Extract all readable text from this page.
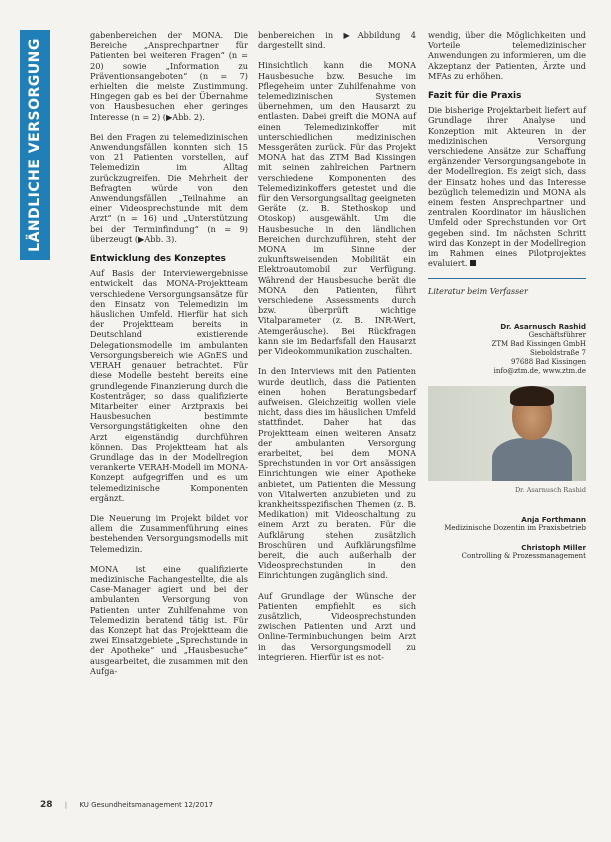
LÄNDLICHE VERSORGUNG

gabenbereichen der MONA. Die Bereiche „Ansprechpartner für Patienten bei weiteren Fragen“ (n = 20) sowie „Information zu Präventionsangeboten“ (n = 7) erhielten die meiste Zustimmung. Hingegen gab es bei der Übernahme von Hausbesuchen eher geringes Interesse (n = 2) (▶Abb. 2).

Bei den Fragen zu telemedizinischen Anwendungsfällen konnten sich 15 von 21 Patienten vorstellen, auf Telemedizin im Alltag zurückzugreifen. Die Mehrheit der Befragten würde von den Anwendungsfällen „Teilnahme an einer Videosprechstunde mit dem Arzt“ (n = 16) und „Unterstützung bei der Terminfindung“ (n = 9) überzeugt (▶Abb. 3).

Entwicklung des Konzeptes

Auf Basis der Interviewergebnisse entwickelt das MONA-Projektteam verschiedene Versorgungsansätze für den Einsatz von Telemedizin im häuslichen Umfeld. Hierfür hat sich der Projektteam bereits in Deutschland existierende Delegationsmodelle im ambulanten Versorgungsbereich wie AGnES und VERAH genauer betrachtet. Für diese Modelle besteht bereits eine grundlegende Finanzierung durch die Kostenträger, so dass qualifizierte Mitarbeiter einer Arztpraxis bei Hausbesuchen bestimmte Versorgungstätigkeiten ohne den Arzt eigenständig durchführen können. Das Projektteam hat als Grundlage das in der Modellregion verankerte VERAH-Modell im MONA-Konzept aufgegriffen und es um telemedizinische Komponenten ergänzt.

Die Neuerung im Projekt bildet vor allem die Zusammenführung eines bestehenden Versorgungsmodells mit Telemedizin.

MONA ist eine qualifizierte medizinische Fachangestellte, die als Case-Manager agiert und bei der ambulanten Versorgung von Patienten unter Zuhilfenahme von Telemedizin beratend tätig ist. Für das Konzept hat das Projektteam die zwei Einsatzgebiete „Sprechstunde in der Apotheke“ und „Hausbesuche“ ausgearbeitet, die zusammen mit den Aufga-

benbereichen in ▶Abbildung 4 dargestellt sind.

Hinsichtlich kann die MONA Hausbesuche bzw. Besuche im Pflegeheim unter Zuhilfenahme von telemedizinischen Systemen übernehmen, um den Hausarzt zu entlasten. Dabei greift die MONA auf einen Telemedizinkoffer mit unterschiedlichen medizinischen Messgeräten zurück. Für das Projekt MONA hat das ZTM Bad Kissingen mit seinen zahlreichen Partnern verschiedene Komponenten des Telemedizinkoffers getestet und die für den Versorgungsalltag geeigneten Geräte (z. B. Stethoskop und Otoskop) ausgewählt. Um die Hausbesuche in den ländlichen Bereichen durchzuführen, steht der MONA im Sinne der zukunftsweisenden Mobilität ein Elektroautomobil zur Verfügung. Während der Hausbesuche berät die MONA den Patienten, führt verschiedene Assessments durch bzw. überprüft wichtige Vitalparameter (z. B. INR-Wert, Atemgeräusche). Bei Rückfragen kann sie im Bedarfsfall den Hausarzt per Videokommunikation zuschalten.

In den Interviews mit den Patienten wurde deutlich, dass die Patienten einen hohen Beratungsbedarf aufweisen. Gleichzeitig wollen viele nicht, dass dies im häuslichen Umfeld stattfindet. Daher hat das Projektteam einen weiteren Ansatz der ambulanten Versorgung erarbeitet, bei dem MONA Sprechstunden in vor Ort ansässigen Einrichtungen wie einer Apotheke anbietet, um Patienten die Messung von Vitalwerten anzubieten und zu krankheitsspezifischen Themen (z. B. Medikation) mit Videoschaltung zu einem Arzt zu beraten. Für die Aufklärung stehen zusätzlich Broschüren und Aufklärungsfilme bereit, die auch außerhalb der Videosprechstunden in den Einrichtungen zugänglich sind.

Auf Grundlage der Wünsche der Patienten empfiehlt es sich zusätzlich, Videosprechstunden zwischen Patienten und Arzt und Online-Terminbuchungen beim Arzt in das Versorgungsmodell zu integrieren. Hierfür ist es not-

wendig, über die Möglichkeiten und Vorteile telemedizinischer Anwendungen zu informieren, um die Akzeptanz der Patienten, Ärzte und MFAs zu erhöhen.

Fazit für die Praxis

Die bisherige Projektarbeit liefert auf Grundlage ihrer Analyse und Konzeption mit Akteuren in der medizinischen Versorgung verschiedene Ansätze zur Schaffung ergänzender Versorgungsangebote in der Modellregion. Es zeigt sich, dass der Einsatz hohes und das Interesse bezüglich telemedizin und MONA als einem festen Ansprechpartner und zentralen Koordinator im häuslichen Umfeld oder Sprechstunden vor Ort gegeben sind. Im nächsten Schritt wird das Konzept in der Modellregion im Rahmen eines Pilotprojektes evaluiert.

Literatur beim Verfasser
Dr. Asarnusch Rashid
Geschäftsführer
ZTM Bad Kissingen GmbH
Sieboldstraße 7
97688 Bad Kissingen
info@ztm.de, www.ztm.de
Dr. Asarnusch Rashid
Anja Forthmann
Medizinische Dozentin im Praxisbetrieb
Christoph Miller
Controlling & Prozessmanagement
28 | KU Gesundheitsmanagement 12/2017
